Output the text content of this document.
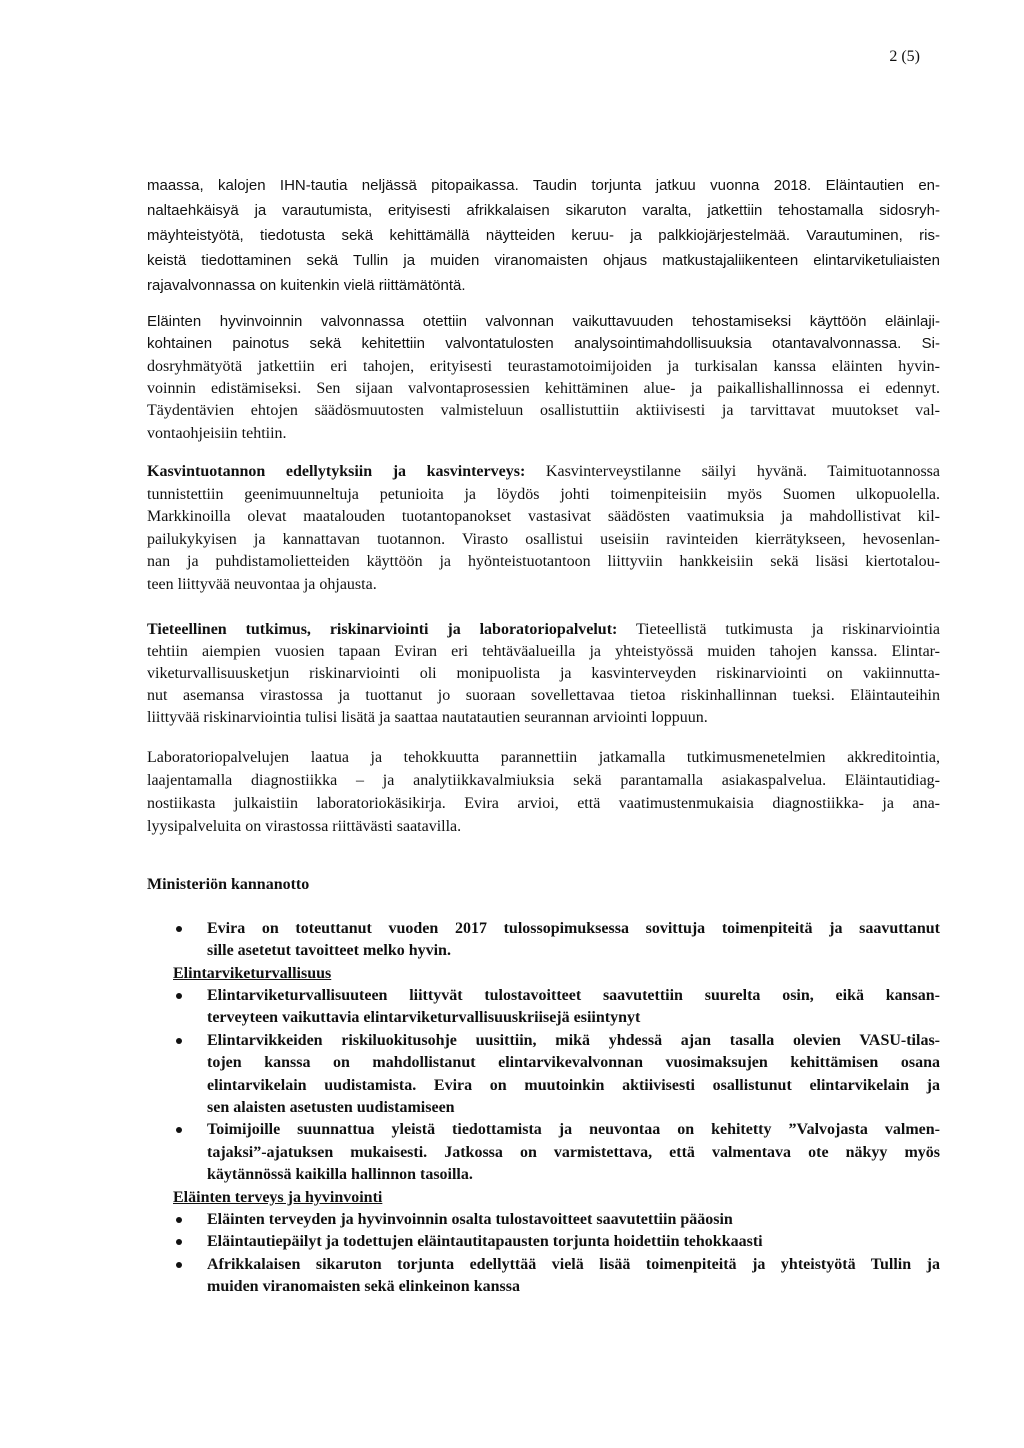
2 (5)
maassa, kalojen IHN-tautia neljässä pitopaikassa. Taudin torjunta jatkuu vuonna 2018. Eläintautien en-
naltaehkäisyä ja varautumista, erityisesti afrikkalaisen sikaruton varalta, jatkettiin tehostamalla sidosryh-
mäyhteistyötä, tiedotusta sekä kehittämällä näytteiden keruu- ja palkkiojärjestelmää. Varautuminen, ris-
keistä tiedottaminen sekä Tullin ja muiden viranomaisten ohjaus matkustajaliikenteen elintarviketuliaisten
rajavalvonnassa on kuitenkin vielä riittämätöntä.
Eläinten hyvinvoinnin valvonnassa otettiin valvonnan vaikuttavuuden tehostamiseksi käyttöön eläinlaji-
kohtainen painotus sekä kehitettiin valvontatulosten analysointimahdollisuuksia otantavalvonnassa. Si-
dosryhmätyötä jatkettiin eri tahojen, erityisesti teurastamotoimijoiden ja turkisalan kanssa eläinten hyvin-
voinnin edistämiseksi. Sen sijaan valvontaprosessien kehittäminen alue- ja paikallishallinnossa ei edennyt.
Täydentävien ehtojen säädösmuutosten valmisteluun osallistuttiin aktiivisesti ja tarvittavat muutokset val-
vontaohjeisiin tehtiin.
Kasvintuotannon edellytyksiin ja kasvinterveys: Kasvinterveystilanne säilyi hyvänä. Taimituotannossa
tunnistettiin geenimuunneltuja petunioita ja löydös johti toimenpiteisiin myös Suomen ulkopuolella.
Markkinoilla olevat maatalouden tuotantopanokset vastasivat säädösten vaatimuksia ja mahdollistivat kil-
pailukykyisen ja kannattavan tuotannon. Virasto osallistui useisiin ravinteiden kierrätykseen, hevosenlan-
nan ja puhdistamolietteiden käyttöön ja hyönteistuotantoon liittyviin hankkeisiin sekä lisäsi kiertotalou-
teen liittyvää neuvontaa ja ohjausta.
Tieteellinen tutkimus, riskinarviointi ja laboratoriopalvelut: Tieteellistä tutkimusta ja riskinarviointia
tehtiin aiempien vuosien tapaan Eviran eri tehtäväalueilla ja yhteistyössä muiden tahojen kanssa. Elintar-
viketurvallisuusketjun riskinarviointi oli monipuolista ja kasvinterveyden riskinarviointi on vakiinnutta-
nut asemansa virastossa ja tuottanut jo suoraan sovellettavaa tietoa riskinhallinnan tueksi. Eläintauteihin
liittyvää riskinarviointia tulisi lisätä ja saattaa nautatautien seurannan arviointi loppuun.
Laboratoriopalvelujen laatua ja tehokkuutta parannettiin jatkamalla tutkimusmenetelmien akkreditointia,
laajentamalla diagnostiikka – ja analytiikkavalmiuksia sekä parantamalla asiakaspalvelua. Eläintautidiag-
nostiikasta julkaistiin laboratoriokäsikirja. Evira arvioi, että vaatimustenmukaisia diagnostiikka- ja ana-
lyysipalveluita on virastossa riittävästi saatavilla.
Ministeriön kannanotto
Evira on toteuttanut vuoden 2017 tulossopimuksessa sovittuja toimenpiteitä ja saavuttanut
sille asetetut tavoitteet melko hyvin.
Elintarviketurvallisuus
Elintarviketurvallisuuteen liittyvät tulostavoitteet saavutettiin suurelta osin, eikä kansan-
terveyteen vaikuttavia elintarviketurvallisuuskriisejä esiintynyt
Elintarvikkeiden riskiluokitusohje uusittiin, mikä yhdessä ajan tasalla olevien VASU-tilas-
tojen kanssa on mahdollistanut elintarvikevalvonnan vuosimaksujen kehittämisen osana
elintarvikelain uudistamista. Evira on muutoinkin aktiivisesti osallistunut elintarvikelain ja
sen alaisten asetusten uudistamiseen
Toimijoille suunnattua yleistä tiedottamista ja neuvontaa on kehitetty ”Valvojasta valmen-
tajaksi”-ajatuksen mukaisesti. Jatkossa on varmistettava, että valmentava ote näkyy myös
käytännössä kaikilla hallinnon tasoilla.
Eläinten terveys ja hyvinvointi
Eläinten terveyden ja hyvinvoinnin osalta tulostavoitteet saavutettiin pääosin
Eläintautiepäilyt ja todettujen eläintautitapausten torjunta hoidettiin tehokkaasti
Afrikkalaisen sikaruton torjunta edellyttää vielä lisää toimenpiteitä ja yhteistyötä Tullin ja
muiden viranomaisten sekä elinkeinon kanssa
